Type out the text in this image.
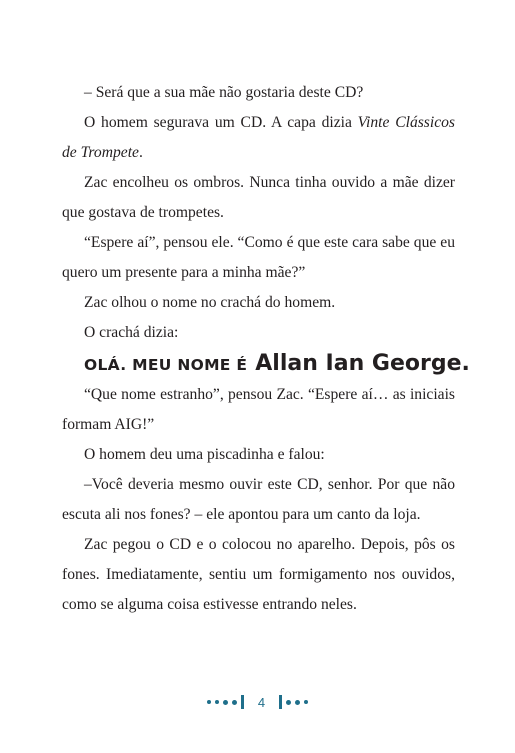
– Será que a sua mãe não gostaria deste CD?

O homem segurava um CD. A capa dizia Vinte Clássicos de Trompete.

Zac encolheu os ombros. Nunca tinha ouvido a mãe dizer que gostava de trompetes.

“Espere aí”, pensou ele. “Como é que este cara sabe que eu quero um presente para a minha mãe?”

Zac olhou o nome no crachá do homem.

O crachá dizia:

OLÁ. MEU NOME É Allan Ian George.

“Que nome estranho”, pensou Zac. “Espere aí… as iniciais formam AIG!”

O homem deu uma piscadinha e falou:

–Você deveria mesmo ouvir este CD, senhor. Por que não escuta ali nos fones? – ele apontou para um canto da loja.

Zac pegou o CD e o colocou no aparelho. Depois, pôs os fones. Imediatamente, sentiu um formigamento nos ouvidos, como se alguma coisa estivesse entrando neles.

4
